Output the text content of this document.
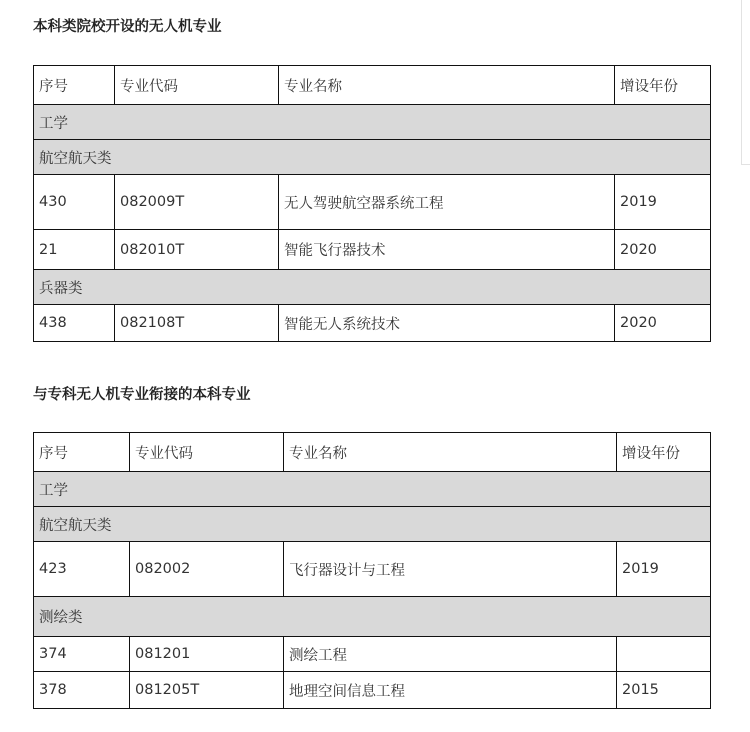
本科类院校开设的无人机专业
序号	专业代码	专业名称	增设年份
工学			
航空航天类			
430	082009T	无人驾驶航空器系统工程	2019
21	082010T	智能飞行器技术	2020
兵器类			
438	082108T	智能无人系统技术	2020
与专科无人机专业衔接的本科专业
序号	专业代码	专业名称	增设年份
工学			
航空航天类			
423	082002	飞行器设计与工程	2019
测绘类			
374	081201	测绘工程	
378	081205T	地理空间信息工程	2015
